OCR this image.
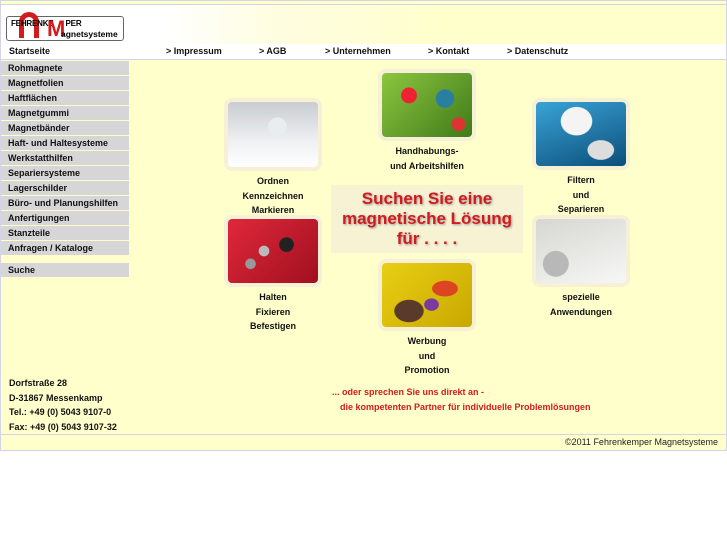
FEHRENKE PER
M
agnetsysteme
Startseite	> Impressum	> AGB	> Unternehmen	> Kontakt	> Datenschutz
Rohmagnete
Magnetfolien
Haftflächen
Magnetgummi
Magnetbänder
Haft- und Haltesysteme
Werkstatthilfen
Separiersysteme
Lagerschilder
Büro- und Planungshilfen
Anfertigungen
Stanzteile
Anfragen / Kataloge
Suche
Handhabungs-
und Arbeitshilfen
Ordnen
Kennzeichnen
Markieren
Filtern
und
Separieren
Suchen Sie eine
magnetische Lösung
für . . . .
Halten
Fixieren
Befestigen
spezielle
Anwendungen
Werbung
und
Promotion
Dorfstraße 28
D-31867 Messenkamp
Tel.: +49 (0) 5043 9107-0
Fax: +49 (0) 5043 9107-32
... oder sprechen Sie uns direkt an -
die kompetenten Partner für individuelle Problemlösungen
©2011 Fehrenkemper Magnetsysteme
